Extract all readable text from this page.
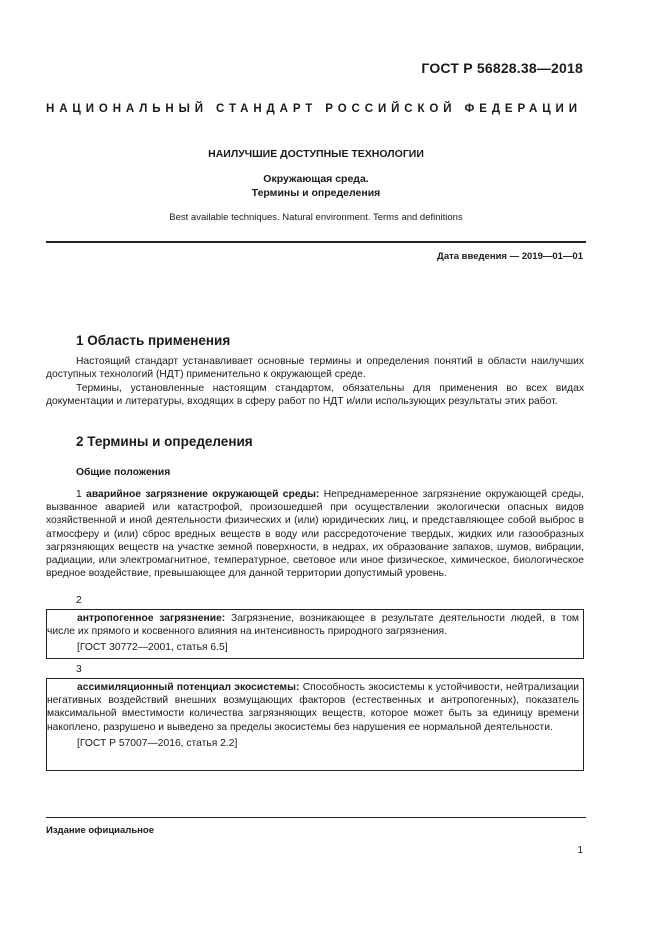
ГОСТ Р 56828.38—2018
НАЦИОНАЛЬНЫЙ СТАНДАРТ РОССИЙСКОЙ ФЕДЕРАЦИИ
НАИЛУЧШИЕ ДОСТУПНЫЕ ТЕХНОЛОГИИ
Окружающая среда.
Термины и определения
Best available techniques. Natural environment. Terms and definitions
Дата введения — 2019—01—01
1 Область применения
Настоящий стандарт устанавливает основные термины и определения понятий в области наилучших доступных технологий (НДТ) применительно к окружающей среде.
Термины, установленные настоящим стандартом, обязательны для применения во всех видах документации и литературы, входящих в сферу работ по НДТ и/или использующих результаты этих работ.
2 Термины и определения
Общие положения
1 аварийное загрязнение окружающей среды: Непреднамеренное загрязнение окружающей среды, вызванное аварией или катастрофой, произошедшей при осуществлении экологически опасных видов хозяйственной и иной деятельности физических и (или) юридических лиц, и представляющее собой выброс в атмосферу и (или) сброс вредных веществ в воду или рассредоточение твердых, жидких или газообразных загрязняющих веществ на участке земной поверхности, в недрах, их образование запахов, шумов, вибрации, радиации, или электромагнитное, температурное, световое или иное физическое, химическое, биологическое вредное воздействие, превышающее для данной территории допустимый уровень.
2
антропогенное загрязнение: Загрязнение, возникающее в результате деятельности людей, в том числе их прямого и косвенного влияния на интенсивность природного загрязнения.
[ГОСТ 30772—2001, статья 6.5]
3
ассимиляционный потенциал экосистемы: Способность экосистемы к устойчивости, нейтрализации негативных воздействий внешних возмущающих факторов (естественных и антропогенных), показатель максимальной вместимости количества загрязняющих веществ, которое может быть за единицу времени накоплено, разрушено и выведено за пределы экосистемы без нарушения ее нормальной деятельности.
[ГОСТ Р 57007—2016, статья 2.2]
Издание официальное
1
